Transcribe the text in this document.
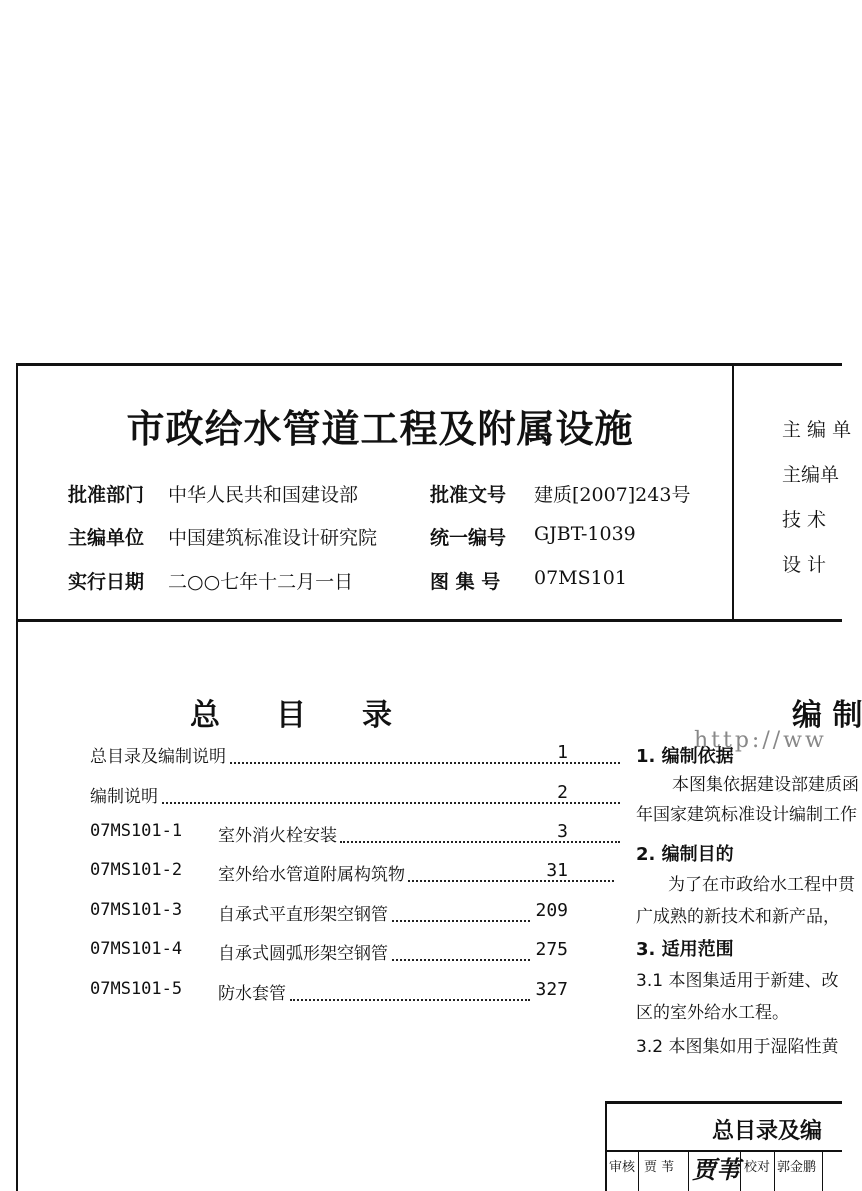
市政给水管道工程及附属设施
批准部门 中华人民共和国建设部	批准文号 建质[2007]243号
主编单位 中国建筑标准设计研究院	统一编号 GJBT-1039
实行日期 二○○七年十二月一日	图 集 号 07MS101
主 编 单
主编单
技 术
设 计
总目录
总目录及编制说明	1
编制说明	2
07MS101-1 室外消火栓安装	3
07MS101-2 室外给水管道附属构筑物	31
07MS101-3 自承式平直形架空钢管	209
07MS101-4 自承式圆弧形架空钢管	275
07MS101-5 防水套管	327
编 制
http://ww
1. 编制依据
本图集依据建设部建质函
年国家建筑标准设计编制工作
2. 编制目的
为了在市政给水工程中贯
广成熟的新技术和新产品，
3. 适用范围
3.1 本图集适用于新建、改
区的室外给水工程。
3.2 本图集如用于湿陷性黄
总目录及编
审核 贾 苇 贾苇 校对 郭金鹏
